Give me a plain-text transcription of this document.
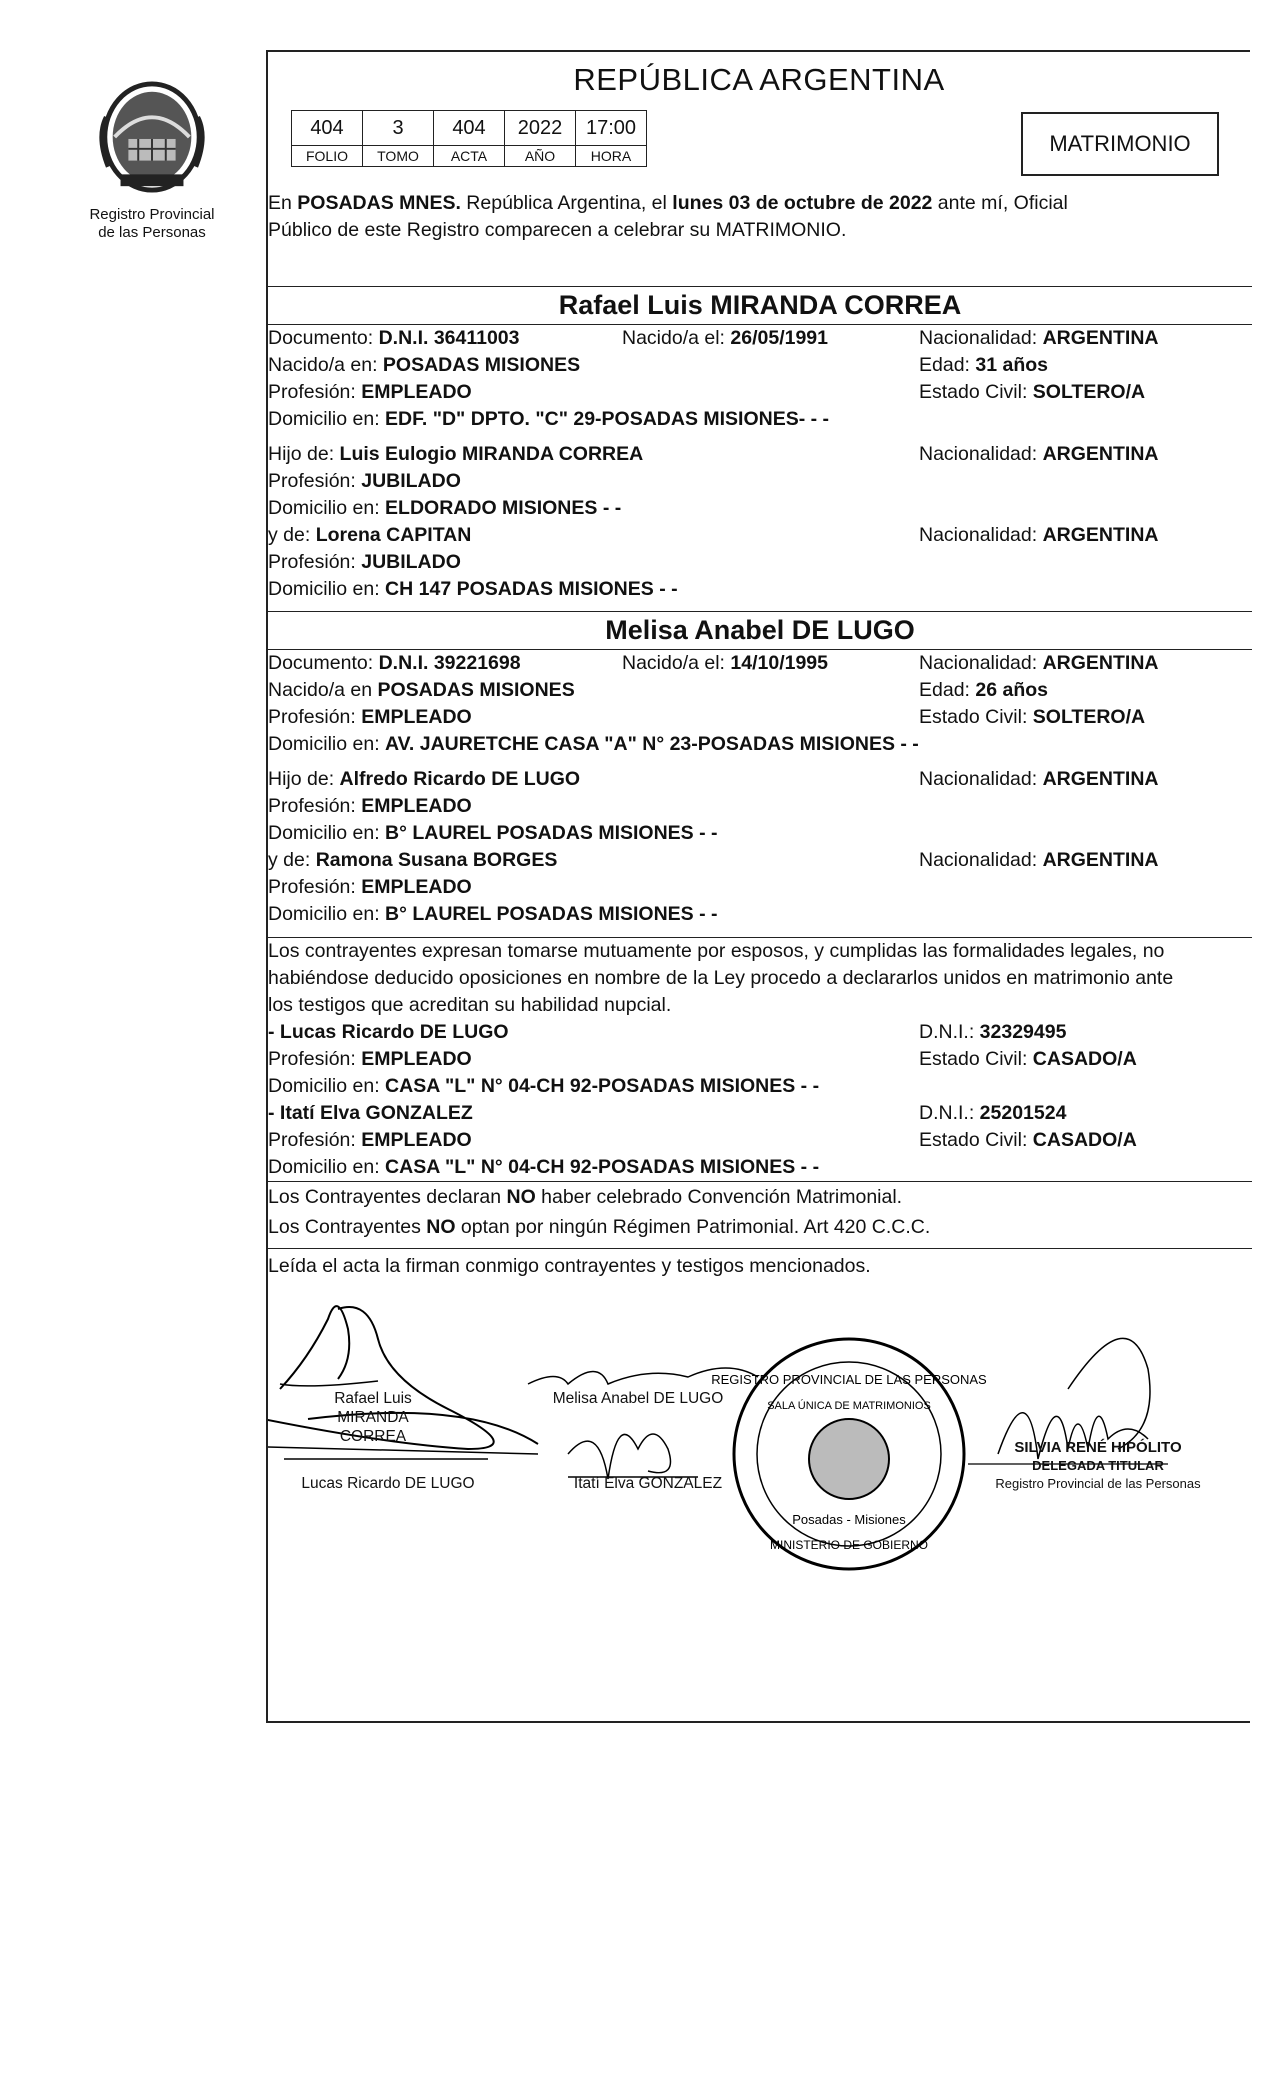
Registro Provincial
de las Personas
REPÚBLICA ARGENTINA
404	3	404	2022	17:00
FOLIO	TOMO	ACTA	AÑO	HORA	MATRIMONIO
En POSADAS MNES. República Argentina, el lunes 03 de octubre de 2022 ante mí, Oficial
Público de este Registro comparecen a celebrar su MATRIMONIO.
Rafael Luis MIRANDA CORREA
Documento: D.N.I. 36411003	Nacido/a el: 26/05/1991	Nacionalidad: ARGENTINA
Nacido/a en: POSADAS MISIONES	Edad: 31 años
Profesión: EMPLEADO	Estado Civil: SOLTERO/A
Domicilio en: EDF. "D" DPTO. "C" 29-POSADAS MISIONES- - -
Hijo de: Luis Eulogio MIRANDA CORREA	Nacionalidad: ARGENTINA
Profesión: JUBILADO
Domicilio en: ELDORADO MISIONES - -
y de: Lorena CAPITAN	Nacionalidad: ARGENTINA
Profesión: JUBILADO
Domicilio en: CH 147 POSADAS MISIONES - -
Melisa Anabel DE LUGO
Documento: D.N.I. 39221698	Nacido/a el: 14/10/1995	Nacionalidad: ARGENTINA
Nacido/a en POSADAS MISIONES	Edad: 26 años
Profesión: EMPLEADO	Estado Civil: SOLTERO/A
Domicilio en: AV. JAURETCHE CASA "A" N° 23-POSADAS MISIONES - -
Hijo de: Alfredo Ricardo DE LUGO	Nacionalidad: ARGENTINA
Profesión: EMPLEADO
Domicilio en: B° LAUREL POSADAS MISIONES - -
y de: Ramona Susana BORGES	Nacionalidad: ARGENTINA
Profesión: EMPLEADO
Domicilio en: B° LAUREL POSADAS MISIONES - -
Los contrayentes expresan tomarse mutuamente por esposos, y cumplidas las formalidades legales, no
habiéndose deducido oposiciones en nombre de la Ley procedo a declararlos unidos en matrimonio ante
los testigos que acreditan su habilidad nupcial.
- Lucas Ricardo DE LUGO	D.N.I.: 32329495
Profesión: EMPLEADO	Estado Civil: CASADO/A
Domicilio en: CASA "L" N° 04-CH 92-POSADAS MISIONES - -
- Itatí Elva GONZALEZ	D.N.I.: 25201524
Profesión: EMPLEADO	Estado Civil: CASADO/A
Domicilio en: CASA "L" N° 04-CH 92-POSADAS MISIONES - -
Los Contrayentes declaran NO haber celebrado Convención Matrimonial.
Los Contrayentes NO optan por ningún Régimen Patrimonial. Art 420 C.C.C.
Leída el acta la firman conmigo contrayentes y testigos mencionados.
REGISTRO PROVINCIAL DE LAS PERSONAS
SALA ÚNICA DE MATRIMONIOS
Posadas - Misiones
MINISTERIO DE GOBIERNO
Rafael Luis MIRANDA
CORREA
Melisa Anabel DE LUGO
Lucas Ricardo DE LUGO	Itatí Elva GONZALEZ
SILVIA RENÉ HIPÓLITO
DELEGADA TITULAR
Registro Provincial de las Personas
